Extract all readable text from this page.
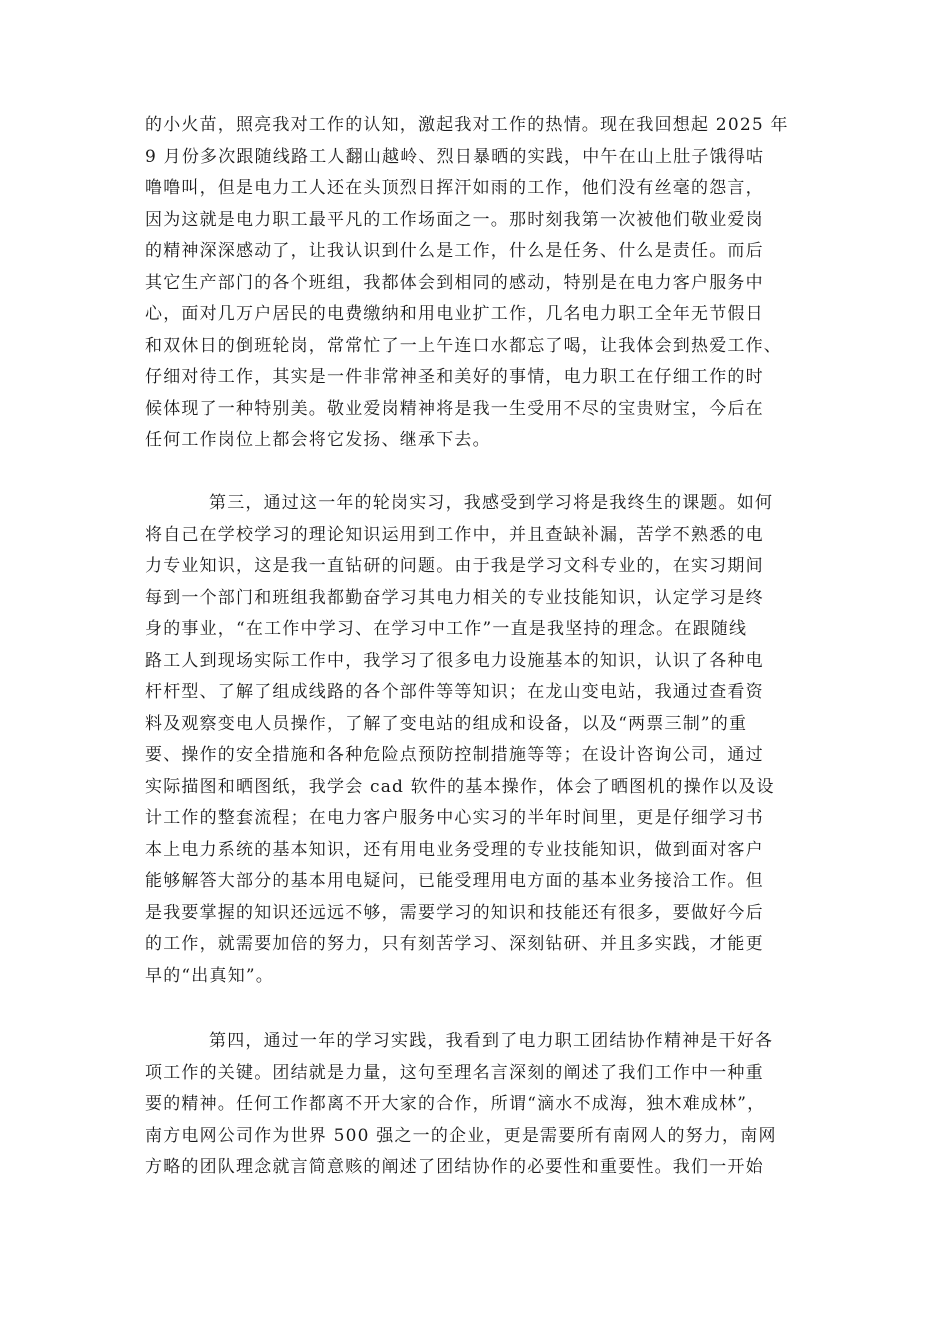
的小火苗，照亮我对工作的认知，激起我对工作的热情。现在我回想起 2025 年
9 月份多次跟随线路工人翻山越岭、烈日暴晒的实践，中午在山上肚子饿得咕
噜噜叫，但是电力工人还在头顶烈日挥汗如雨的工作，他们没有丝毫的怨言，
因为这就是电力职工最平凡的工作场面之一。那时刻我第一次被他们敬业爱岗
的精神深深感动了，让我认识到什么是工作，什么是任务、什么是责任。而后
其它生产部门的各个班组，我都体会到相同的感动，特别是在电力客户服务中
心，面对几万户居民的电费缴纳和用电业扩工作，几名电力职工全年无节假日
和双休日的倒班轮岗，常常忙了一上午连口水都忘了喝，让我体会到热爱工作、
仔细对待工作，其实是一件非常神圣和美好的事情，电力职工在仔细工作的时
候体现了一种特别美。敬业爱岗精神将是我一生受用不尽的宝贵财宝，今后在
任何工作岗位上都会将它发扬、继承下去。
第三，通过这一年的轮岗实习，我感受到学习将是我终生的课题。如何
将自己在学校学习的理论知识运用到工作中，并且查缺补漏，苦学不熟悉的电
力专业知识，这是我一直钻研的问题。由于我是学习文科专业的，在实习期间
每到一个部门和班组我都勤奋学习其电力相关的专业技能知识，认定学习是终
身的事业，“在工作中学习、在学习中工作”一直是我坚持的理念。在跟随线
路工人到现场实际工作中，我学习了很多电力设施基本的知识，认识了各种电
杆杆型、了解了组成线路的各个部件等等知识；在龙山变电站，我通过查看资
料及观察变电人员操作，了解了变电站的组成和设备，以及“两票三制”的重
要、操作的安全措施和各种危险点预防控制措施等等；在设计咨询公司，通过
实际描图和晒图纸，我学会 cad 软件的基本操作，体会了晒图机的操作以及设
计工作的整套流程；在电力客户服务中心实习的半年时间里，更是仔细学习书
本上电力系统的基本知识，还有用电业务受理的专业技能知识，做到面对客户
能够解答大部分的基本用电疑问，已能受理用电方面的基本业务接洽工作。但
是我要掌握的知识还远远不够，需要学习的知识和技能还有很多，要做好今后
的工作，就需要加倍的努力，只有刻苦学习、深刻钻研、并且多实践，才能更
早的“出真知”。
第四，通过一年的学习实践，我看到了电力职工团结协作精神是干好各
项工作的关键。团结就是力量，这句至理名言深刻的阐述了我们工作中一种重
要的精神。任何工作都离不开大家的合作，所谓“滴水不成海，独木难成林”，
南方电网公司作为世界 500 强之一的企业，更是需要所有南网人的努力，南网
方略的团队理念就言简意赅的阐述了团结协作的必要性和重要性。我们一开始
